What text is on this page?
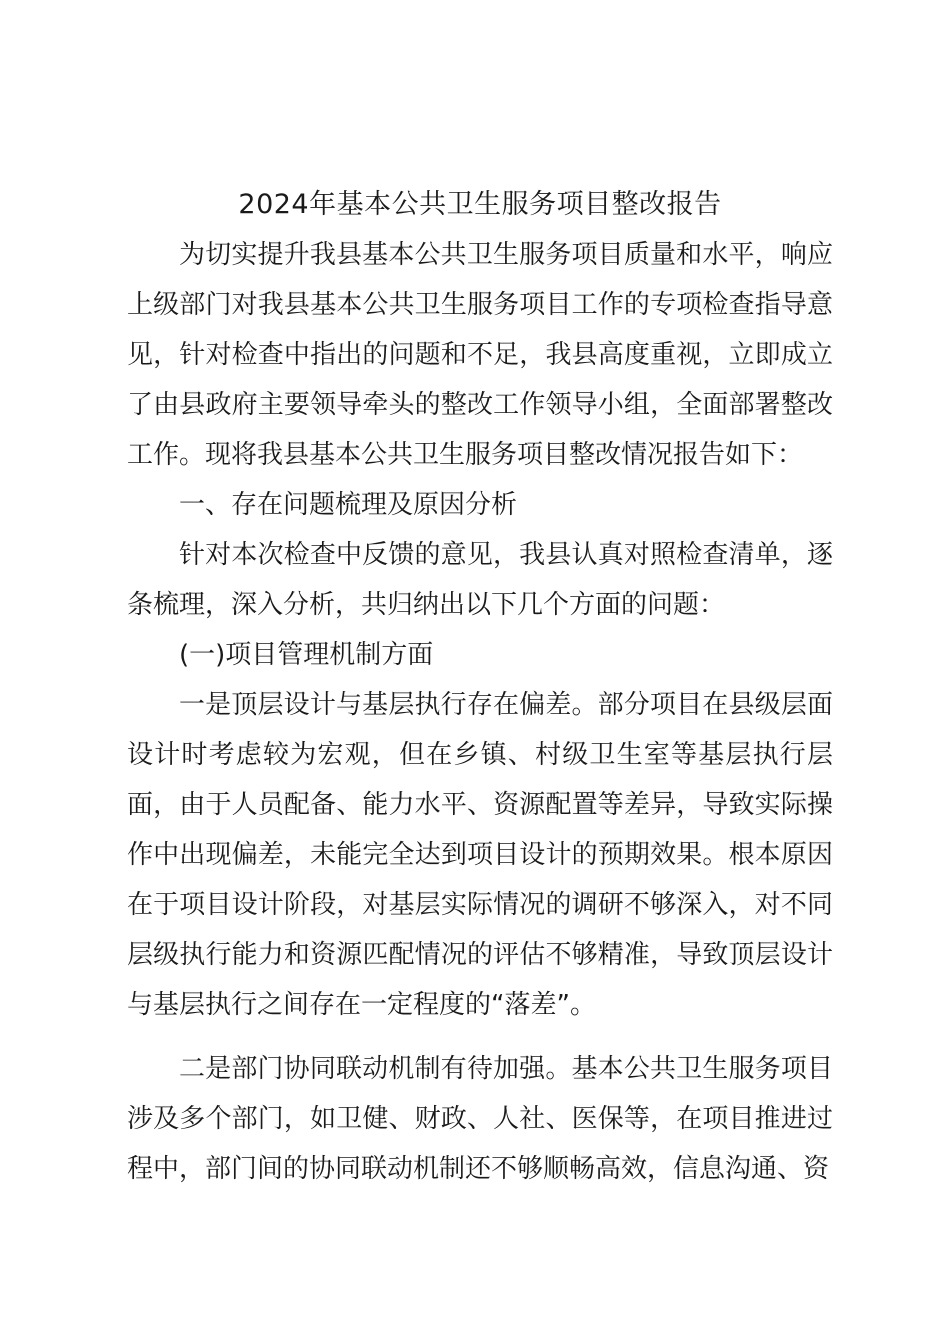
2024年基本公共卫生服务项目整改报告

为切实提升我县基本公共卫生服务项目质量和水平，响应上级部门对我县基本公共卫生服务项目工作的专项检查指导意见，针对检查中指出的问题和不足，我县高度重视，立即成立了由县政府主要领导牵头的整改工作领导小组，全面部署整改工作。现将我县基本公共卫生服务项目整改情况报告如下：

一、存在问题梳理及原因分析

针对本次检查中反馈的意见，我县认真对照检查清单，逐条梳理，深入分析，共归纳出以下几个方面的问题：

(一)项目管理机制方面

一是顶层设计与基层执行存在偏差。部分项目在县级层面设计时考虑较为宏观，但在乡镇、村级卫生室等基层执行层面，由于人员配备、能力水平、资源配置等差异，导致实际操作中出现偏差，未能完全达到项目设计的预期效果。根本原因在于项目设计阶段，对基层实际情况的调研不够深入，对不同层级执行能力和资源匹配情况的评估不够精准，导致顶层设计与基层执行之间存在一定程度的“落差”。

二是部门协同联动机制有待加强。基本公共卫生服务项目涉及多个部门，如卫健、财政、人社、医保等，在项目推进过程中，部门间的协同联动机制还不够顺畅高效，信息沟通、资
